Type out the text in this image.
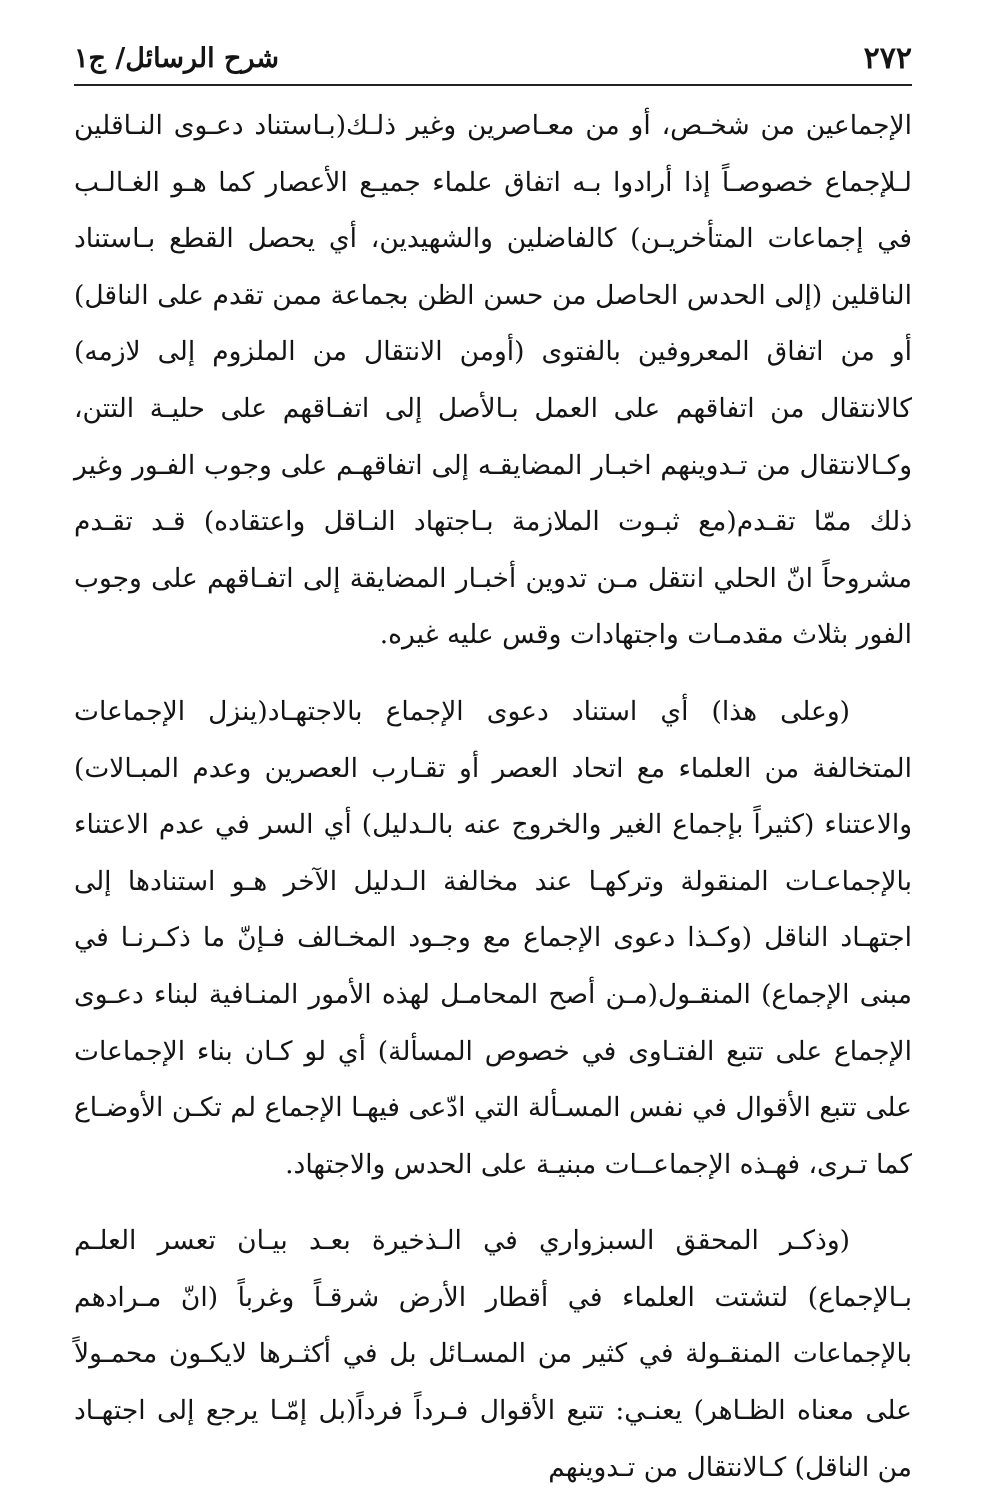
٢٧٢
شرح الرسائل/ ج١

الإجماعين من شخـص، أو من معـاصرين وغير ذلـك(بـاستناد دعـوى النـاقلين لـلإجماع خصوصـاً إذا أرادوا بـه اتفاق علماء جميـع الأعصار كما هـو الغـالـب في إجماعات المتأخريـن) كالفاضلين والشهيدين، أي يحصل القطع بـاستناد الناقلين (إلى الحدس الحاصل من حسن الظن بجماعة ممن تقدم على الناقل) أو من اتفاق المعروفين بالفتوى (أومن الانتقال من الملزوم إلى لازمه) كالانتقال من اتفاقهم على العمل بـالأصل إلى اتفـاقهم على حليـة التتن، وكـالانتقال من تـدوينهم اخبـار المضايقـه إلى اتفاقهـم على وجوب الفـور وغير ذلك ممّا تقـدم(مع ثبـوت الملازمة بـاجتهاد النـاقل واعتقاده) قـد تقـدم مشروحاً انّ الحلي انتقل مـن تدوين أخبـار المضايقة إلى اتفـاقهم على وجوب الفور بثلاث مقدمـات واجتهادات وقس عليه غيره.

(وعلى هذا) أي استناد دعوى الإجماع بالاجتهـاد(ينزل الإجماعات المتخالفة من العلماء مع اتحاد العصر أو تقـارب العصرين وعدم المبـالات) والاعتناء (كثيراً بإجماع الغير والخروج عنه بالـدليل) أي السر في عدم الاعتناء بالإجماعـات المنقولة وتركهـا عند مخالفة الـدليل الآخر هـو استنادها إلى اجتهـاد الناقل (وكـذا دعوى الإجماع مع وجـود المخـالف فـإنّ ما ذكـرنـا في مبنى الإجماع) المنقـول(مـن أصح المحامـل لهذه الأمور المنـافية لبناء دعـوى الإجماع على تتبع الفتـاوى في خصوص المسألة) أي لو كـان بناء الإجماعات على تتبع الأقوال في نفس المسـألة التي ادّعى فيهـا الإجماع لم تكـن الأوضـاع كما تـرى، فهـذه الإجماعــات مبنيـة على الحدس والاجتهاد.

(وذكـر المحقق السبزواري في الـذخيرة بعـد بيـان تعسر العلـم بـالإجماع) لتشتت العلماء في أقطار الأرض شرقـاً وغرباً (انّ مـرادهم بالإجماعات المنقـولة في كثير من المسـائل بل في أكثـرها لايكـون محمـولاً على معناه الظـاهر) يعنـي: تتبع الأقوال فـرداً فرداً(بل إمّـا يرجع إلى اجتهـاد من الناقل) كـالانتقال من تـدوينهم
